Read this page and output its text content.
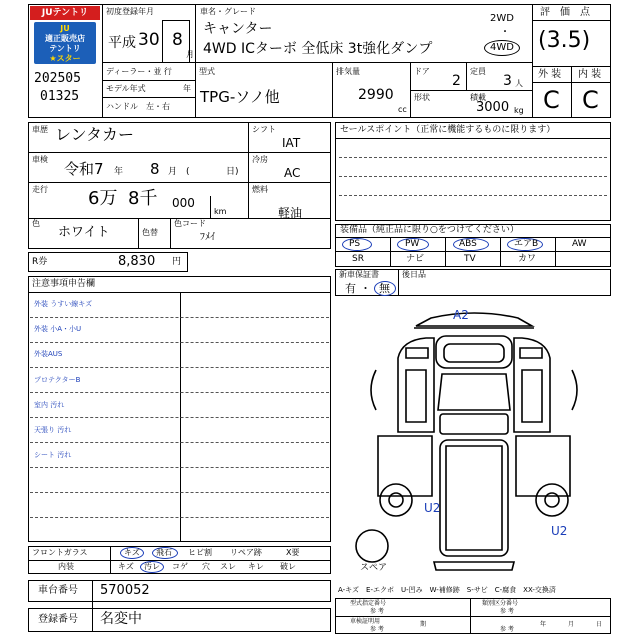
JUテントリ
JU
適正販売店
テントリ
★スター
202505
01325
初度登録年月
平成 30 8
月
車名・グレード
キャンター
4WD ICターボ 全低床 3t強化ダンプ
2WD
・
4WD
評　価　点
(3.5)
外 装 内 装
C C
ディーラー・並 行
モデル年式	年
ハンドル　左・右
型式
TPG-ソノ他
排気量
2990
cc
ドア
2
定員
3 人
形状	積載
3000 kg
車歴 レンタカー
車検
令和7 年 8 月 (	日)
走行 6万 8千 000
km
色
ホワイト	色替
色コード
ﾌﾒｲ
シフト
IAT
冷房
AC
燃料
軽油
R券	8,830 円
セールスポイント（正常に機能するものに限ります）
装備品（純正品に限り○をつけてください）
PS	PW	ABS	エアB	AW
SR	ナビ	TV	カワ
新車保証書
有 ・ 無
後日品
注意事項申告欄
外装 うすい線キズ
外装 小A・小U
外装AUS
プロテクターB
室内 汚れ
天張り 汚れ
シート 汚れ
A2
U2
U2
スペア
フロントガラス
内装
キズ 飛石 ヒビ割 リペア跡	X要
キズ 汚レ コゲ 穴 スレ キレ 破レ
A-キズ　E-エクボ　U-凹み　W-補修跡　S-サビ　C-腐食　XX-交換済
車台番号 570052
登録番号 名変中
型式指定番号
参 考
類別区分番号
参 考
車検証明用
参 考	参 考
期	年	月	日
